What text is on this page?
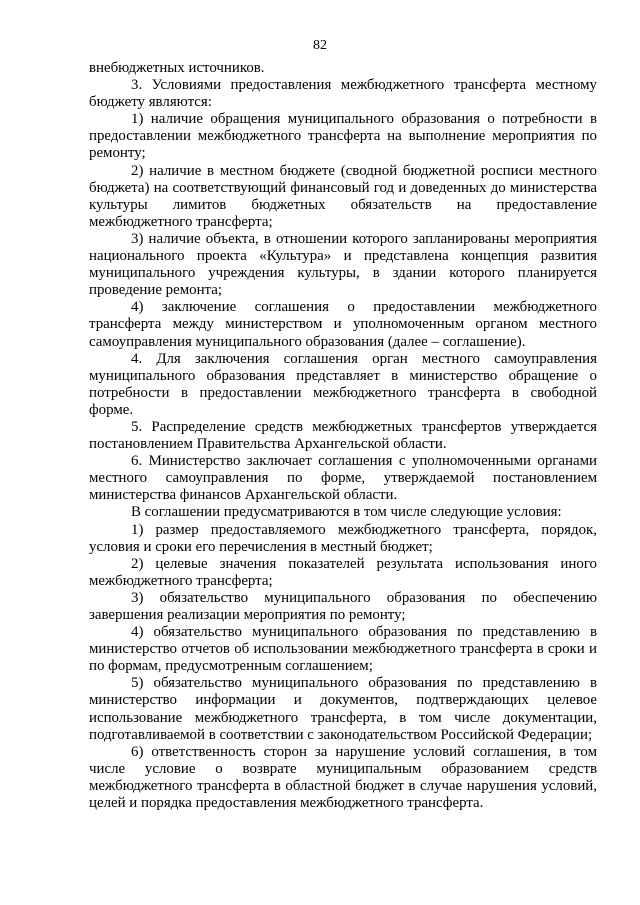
82

внебюджетных источников.

3. Условиями предоставления межбюджетного трансферта местному бюджету являются:

1) наличие обращения муниципального образования о потребности в предоставлении межбюджетного трансферта на выполнение мероприятия по ремонту;

2) наличие в местном бюджете (сводной бюджетной росписи местного бюджета) на соответствующий финансовый год и доведенных до министерства культуры лимитов бюджетных обязательств на предоставление межбюджетного трансферта;

3) наличие объекта, в отношении которого запланированы мероприятия национального проекта «Культура» и представлена концепция развития муниципального учреждения культуры, в здании которого планируется проведение ремонта;

4) заключение соглашения о предоставлении межбюджетного трансферта между министерством и уполномоченным органом местного самоуправления муниципального образования (далее – соглашение).

4. Для заключения соглашения орган местного самоуправления муниципального образования представляет в министерство обращение о потребности в предоставлении межбюджетного трансферта в свободной форме.

5. Распределение средств межбюджетных трансфертов утверждается постановлением Правительства Архангельской области.

6. Министерство заключает соглашения с уполномоченными органами местного самоуправления по форме, утверждаемой постановлением министерства финансов Архангельской области.

В соглашении предусматриваются в том числе следующие условия:

1) размер предоставляемого межбюджетного трансферта, порядок, условия и сроки его перечисления в местный бюджет;

2) целевые значения показателей результата использования иного межбюджетного трансферта;

3) обязательство муниципального образования по обеспечению завершения реализации мероприятия по ремонту;

4) обязательство муниципального образования по представлению в министерство отчетов об использовании межбюджетного трансферта в сроки и по формам, предусмотренным соглашением;

5) обязательство муниципального образования по представлению в министерство информации и документов, подтверждающих целевое использование межбюджетного трансферта, в том числе документации, подготавливаемой в соответствии с законодательством Российской Федерации;

6) ответственность сторон за нарушение условий соглашения, в том числе условие о возврате муниципальным образованием средств межбюджетного трансферта в областной бюджет в случае нарушения условий, целей и порядка предоставления межбюджетного трансферта.
